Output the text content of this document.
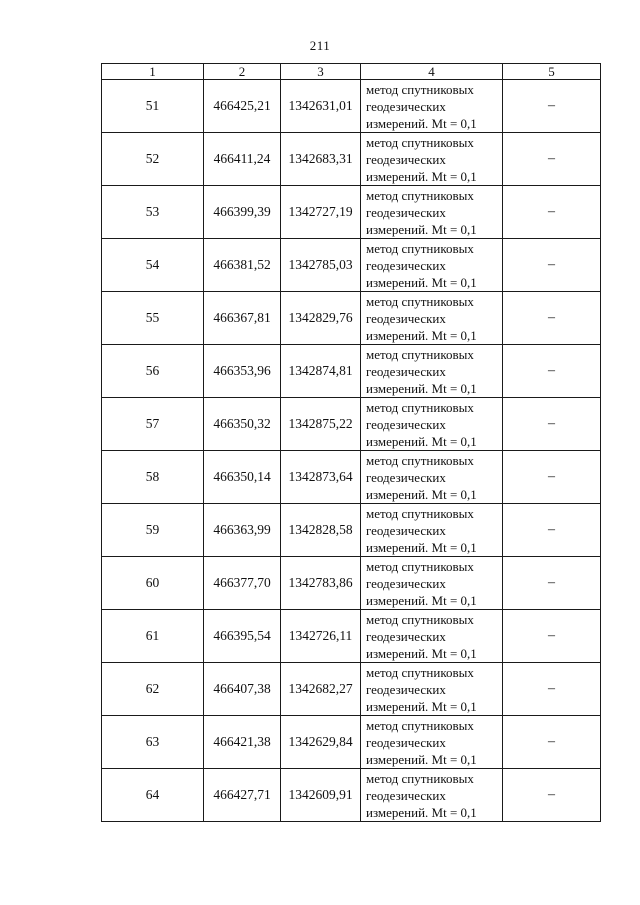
211
1	2	3	4	5
51	466425,21	1342631,01	метод спутниковых
геодезических
измерений. Mt = 0,1	–
52	466411,24	1342683,31	метод спутниковых
геодезических
измерений. Mt = 0,1	–
53	466399,39	1342727,19	метод спутниковых
геодезических
измерений. Mt = 0,1	–
54	466381,52	1342785,03	метод спутниковых
геодезических
измерений. Mt = 0,1	–
55	466367,81	1342829,76	метод спутниковых
геодезических
измерений. Mt = 0,1	–
56	466353,96	1342874,81	метод спутниковых
геодезических
измерений. Mt = 0,1	–
57	466350,32	1342875,22	метод спутниковых
геодезических
измерений. Mt = 0,1	–
58	466350,14	1342873,64	метод спутниковых
геодезических
измерений. Mt = 0,1	–
59	466363,99	1342828,58	метод спутниковых
геодезических
измерений. Mt = 0,1	–
60	466377,70	1342783,86	метод спутниковых
геодезических
измерений. Mt = 0,1	–
61	466395,54	1342726,11	метод спутниковых
геодезических
измерений. Mt = 0,1	–
62	466407,38	1342682,27	метод спутниковых
геодезических
измерений. Mt = 0,1	–
63	466421,38	1342629,84	метод спутниковых
геодезических
измерений. Mt = 0,1	–
64	466427,71	1342609,91	метод спутниковых
геодезических
измерений. Mt = 0,1	–
